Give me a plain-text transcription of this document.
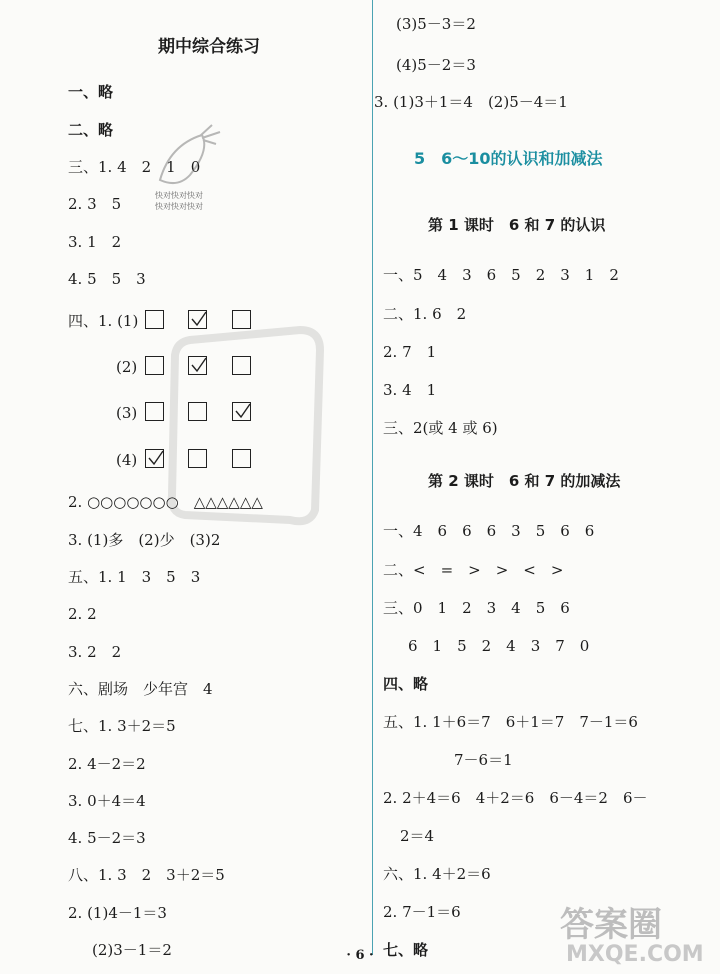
期中综合练习
一、略
二、略
三、1. 4　2　1　0
2. 3　5
3. 1　2
4. 5　5　3
四、1. (1)
(2)
(3)
(4)
2. ○○○○○○○　△△△△△△
3. (1)多　(2)少　(3)2
五、1. 1　3　5　3
2. 2
3. 2　2
六、剧场　少年宫　4
七、1. 3＋2＝5
2. 4－2＝2
3. 0＋4＝4
4. 5－2＝3
八、1. 3　2　3＋2＝5
2. (1)4－1＝3
(2)3－1＝2
(3)5－3＝2
(4)5－2＝3
3. (1)3＋1＝4　(2)5－4＝1
5　6～10的认识和加减法
第 1 课时　6 和 7 的认识
一、5　4　3　6　5　2　3　1　2
二、1. 6　2
2. 7　1
3. 4　1
三、2(或 4 或 6)
第 2 课时　6 和 7 的加减法
一、4　6　6　6　3　5　6　6
二、<　=　>　>　<　>
三、0　1　2　3　4　5　6
6　1　5　2　4　3　7　0
四、略
五、1. 1＋6＝7　6＋1＝7　7－1＝6
7－6＝1
2. 2＋4＝6　4＋2＝6　6－4＝2　6－
2＝4
六、1. 4＋2＝6
2. 7－1＝6
七、略
· 6 ·
快对快对快对
快对快对快对
答案圈
MXQE.COM
